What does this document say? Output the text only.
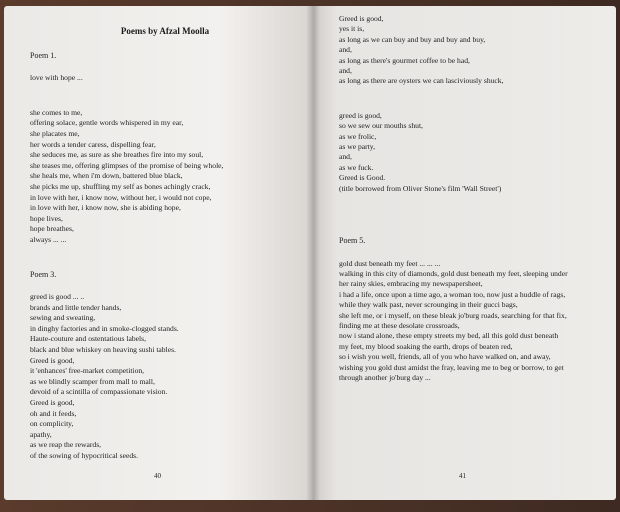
Poems by Afzal Moolla
Poem 1.
love with hope ...
she comes to me,
offering solace, gentle words whispered in my ear,
she placates me,
her words a tender caress, dispelling fear,
she seduces me, as sure as she breathes fire into my soul,
she teases me, offering glimpses of the promise of being whole,
she heals me, when i'm down, battered blue black,
she picks me up, shuffling my self as bones achingly crack,
in love with her, i know now, without her, i would not cope,
in love with her, i know now, she is abiding hope,
hope lives,
hope breathes,
always ... ...
Poem 3.
greed is good ... ..
brands and little tender hands,
sewing and sweating,
in dinghy factories and in smoke-clogged stands.
Haute-couture and ostentatious labels,
black and blue whiskey on heaving sushi tables.
Greed is good,
it 'enhances' free-market competition,
as we blindly scamper from mall to mall,
devoid of a scintilla of compassionate vision.
Greed is good,
oh and it feeds,
on complicity,
apathy,
as we reap the rewards,
of the sowing of hypocritical seeds.
40
Greed is good,
yes it is,
as long as we can buy and buy and buy and buy,
and,
as long as there's gourmet coffee to be had,
and,
as long as there are oysters we can lasciviously shuck,
greed is good,
so we sew our mouths shut,
as we frolic,
as we party,
and,
as we fuck.
Greed is Good.
(title borrowed from Oliver Stone's film 'Wall Street')
Poem 5.
gold dust beneath my feet ... ... ...
walking in this city of diamonds, gold dust beneath my feet, sleeping under
her rainy skies, embracing my newspapersheet,
i had a life, once upon a time ago, a woman too, now just a huddle of rags,
while they walk past, never scrounging in their gucci bags,
she left me, or i myself, on these bleak jo'burg roads, searching for that fix,
finding me at these desolate crossroads,
now i stand alone, these empty streets my bed, all this gold dust beneath
my feet, my blood soaking the earth, drops of beaten red,
so i wish you well, friends, all of you who have walked on, and away,
wishing you gold dust amidst the fray, leaving me to beg or borrow, to get
through another jo'burg day ...
41
